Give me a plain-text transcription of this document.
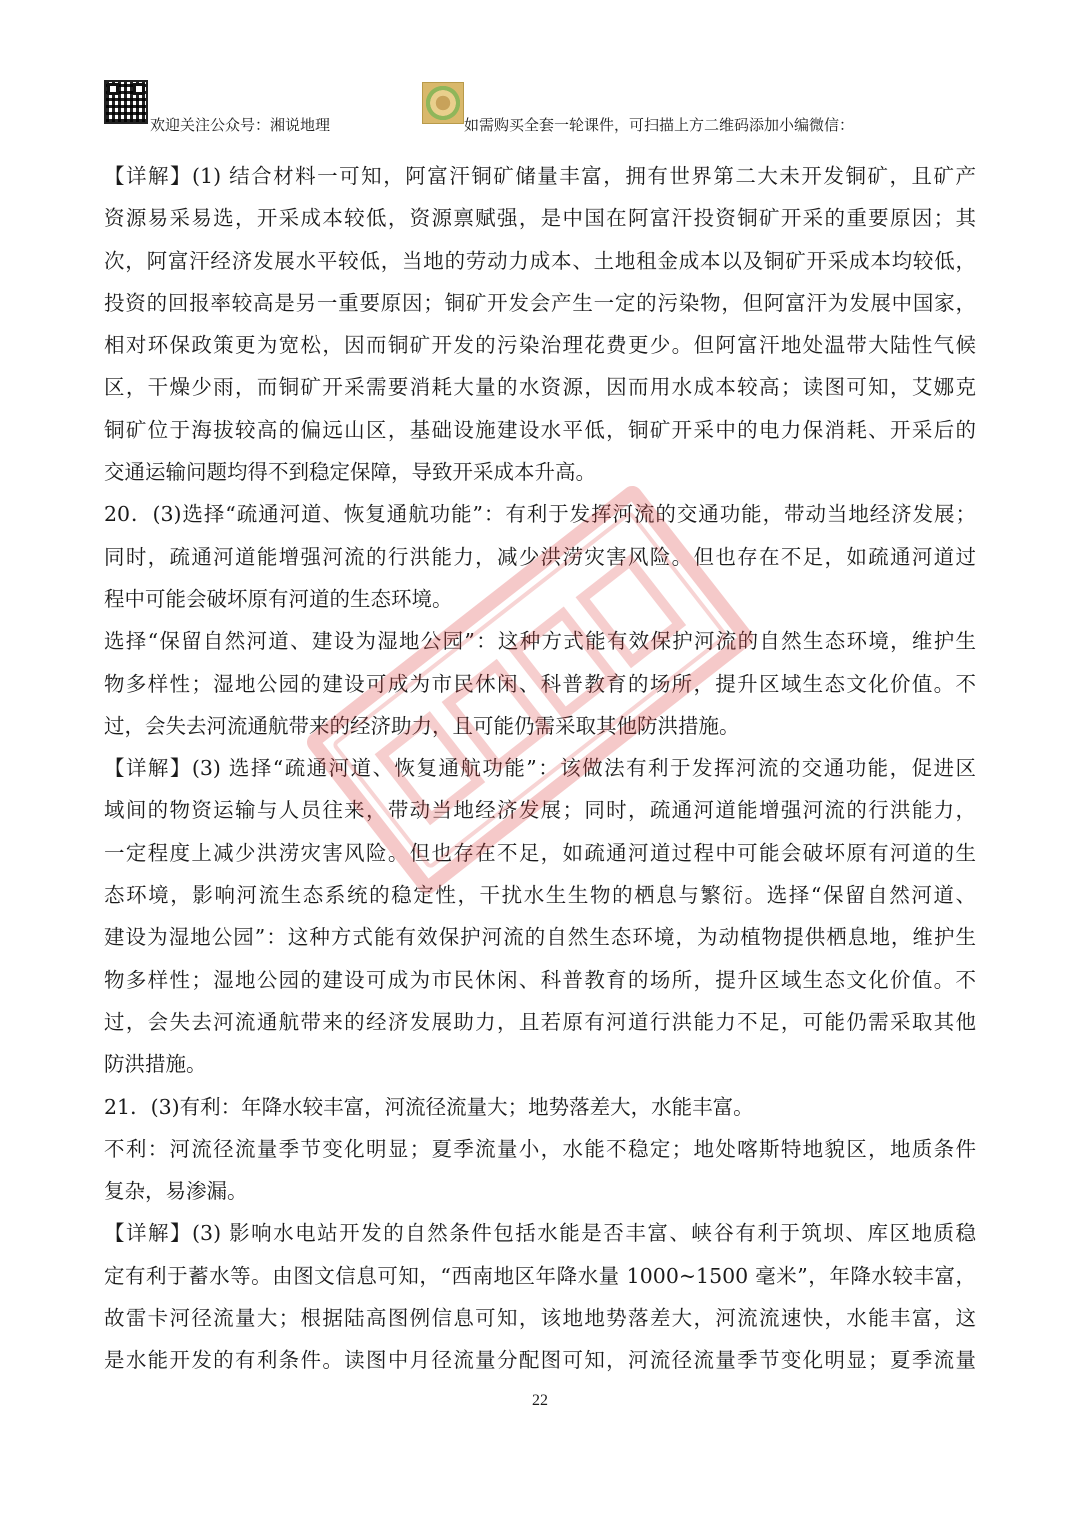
欢迎关注公众号：湘说地理	如需购买全套一轮课件，可扫描上方二维码添加小编微信：
【详解】(1) 结合材料一可知，阿富汗铜矿储量丰富，拥有世界第二大未开发铜矿，且矿产
资源易采易选，开采成本较低，资源禀赋强，是中国在阿富汗投资铜矿开采的重要原因；其
次，阿富汗经济发展水平较低，当地的劳动力成本、土地租金成本以及铜矿开采成本均较低，
投资的回报率较高是另一重要原因；铜矿开发会产生一定的污染物，但阿富汗为发展中国家，
相对环保政策更为宽松，因而铜矿开发的污染治理花费更少。但阿富汗地处温带大陆性气候
区，干燥少雨，而铜矿开采需要消耗大量的水资源，因而用水成本较高；读图可知，艾娜克
铜矿位于海拔较高的偏远山区，基础设施建设水平低，铜矿开采中的电力保消耗、开采后的
交通运输问题均得不到稳定保障，导致开采成本升高。
20．(3)选择“疏通河道、恢复通航功能”：有利于发挥河流的交通功能，带动当地经济发展；
同时，疏通河道能增强河流的行洪能力，减少洪涝灾害风险。但也存在不足，如疏通河道过
程中可能会破坏原有河道的生态环境。
选择“保留自然河道、建设为湿地公园”：这种方式能有效保护河流的自然生态环境，维护生
物多样性；湿地公园的建设可成为市民休闲、科普教育的场所，提升区域生态文化价值。不
过，会失去河流通航带来的经济助力，且可能仍需采取其他防洪措施。
【详解】(3) 选择“疏通河道、恢复通航功能”：该做法有利于发挥河流的交通功能，促进区
域间的物资运输与人员往来，带动当地经济发展；同时，疏通河道能增强河流的行洪能力，
一定程度上减少洪涝灾害风险。但也存在不足，如疏通河道过程中可能会破坏原有河道的生
态环境，影响河流生态系统的稳定性，干扰水生生物的栖息与繁衍。选择“保留自然河道、
建设为湿地公园”：这种方式能有效保护河流的自然生态环境，为动植物提供栖息地，维护生
物多样性；湿地公园的建设可成为市民休闲、科普教育的场所，提升区域生态文化价值。不
过，会失去河流通航带来的经济发展助力，且若原有河道行洪能力不足，可能仍需采取其他
防洪措施。
21．(3)有利：年降水较丰富，河流径流量大；地势落差大，水能丰富。
不利：河流径流量季节变化明显；夏季流量小，水能不稳定；地处喀斯特地貌区，地质条件
复杂，易渗漏。
【详解】(3) 影响水电站开发的自然条件包括水能是否丰富、峡谷有利于筑坝、库区地质稳
定有利于蓄水等。由图文信息可知，“西南地区年降水量 1000~1500 毫米”，年降水较丰富，
故雷卡河径流量大；根据陆高图例信息可知，该地地势落差大，河流流速快，水能丰富，这
是水能开发的有利条件。读图中月径流量分配图可知，河流径流量季节变化明显；夏季流量
22
